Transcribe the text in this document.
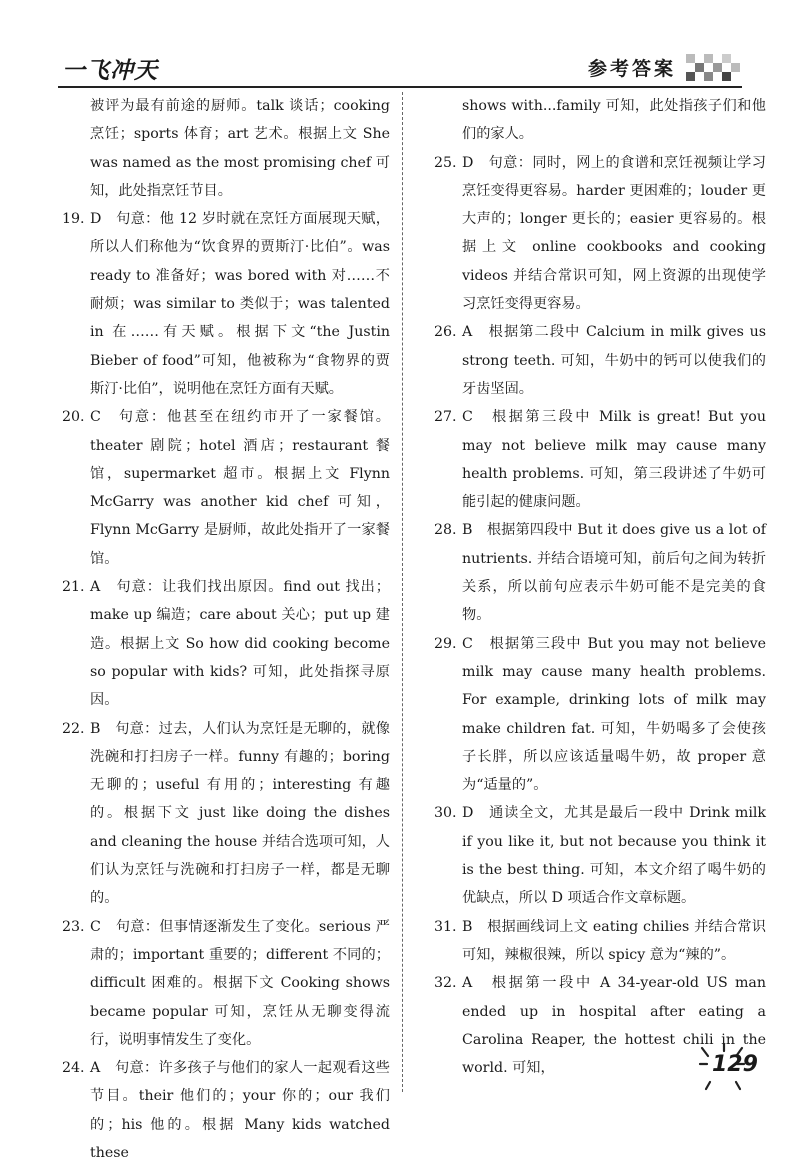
一飞冲天	参考答案

被评为最有前途的厨师。talk 谈话；cooking 烹饪；sports 体育；art 艺术。根据上文 She was named as the most promising chef 可知，此处指烹饪节目。

19. D　句意：他 12 岁时就在烹饪方面展现天赋，所以人们称他为“饮食界的贾斯汀·比伯”。was ready to 准备好；was bored with 对……不耐烦；was similar to 类似于；was talented in 在……有天赋。根据下文“the Justin Bieber of food”可知，他被称为“食物界的贾斯汀·比伯”，说明他在烹饪方面有天赋。

20. C　句意：他甚至在纽约市开了一家餐馆。theater 剧院；hotel 酒店；restaurant 餐馆，supermarket 超市。根据上文 Flynn McGarry was another kid chef 可知，Flynn McGarry 是厨师，故此处指开了一家餐馆。

21. A　句意：让我们找出原因。find out 找出；make up 编造；care about 关心；put up 建造。根据上文 So how did cooking become so popular with kids? 可知，此处指探寻原因。

22. B　句意：过去，人们认为烹饪是无聊的，就像洗碗和打扫房子一样。funny 有趣的；boring 无聊的；useful 有用的；interesting 有趣的。根据下文 just like doing the dishes and cleaning the house 并结合选项可知，人们认为烹饪与洗碗和打扫房子一样，都是无聊的。

23. C　句意：但事情逐渐发生了变化。serious 严肃的；important 重要的；different 不同的；difficult 困难的。根据下文 Cooking shows became popular 可知，烹饪从无聊变得流行，说明事情发生了变化。

24. A　句意：许多孩子与他们的家人一起观看这些节目。their 他们的；your 你的；our 我们的；his 他的。根据 Many kids watched these

shows with...family 可知，此处指孩子们和他们的家人。

25. D　句意：同时，网上的食谱和烹饪视频让学习烹饪变得更容易。harder 更困难的；louder 更大声的；longer 更长的；easier 更容易的。根据上文 online cookbooks and cooking videos 并结合常识可知，网上资源的出现使学习烹饪变得更容易。

26. A　根据第二段中 Calcium in milk gives us strong teeth. 可知，牛奶中的钙可以使我们的牙齿坚固。

27. C　根据第三段中 Milk is great! But you may not believe milk may cause many health problems. 可知，第三段讲述了牛奶可能引起的健康问题。

28. B　根据第四段中 But it does give us a lot of nutrients. 并结合语境可知，前后句之间为转折关系，所以前句应表示牛奶可能不是完美的食物。

29. C　根据第三段中 But you may not believe milk may cause many health problems. For example, drinking lots of milk may make children fat. 可知，牛奶喝多了会使孩子长胖，所以应该适量喝牛奶，故 proper 意为“适量的”。

30. D　通读全文，尤其是最后一段中 Drink milk if you like it, but not because you think it is the best thing. 可知，本文介绍了喝牛奶的优缺点，所以 D 项适合作文章标题。

31. B　根据画线词上文 eating chilies 并结合常识可知，辣椒很辣，所以 spicy 意为“辣的”。

32. A　根据第一段中 A 34-year-old US man ended up in hospital after eating a Carolina Reaper, the hottest chili in the world. 可知，	129
